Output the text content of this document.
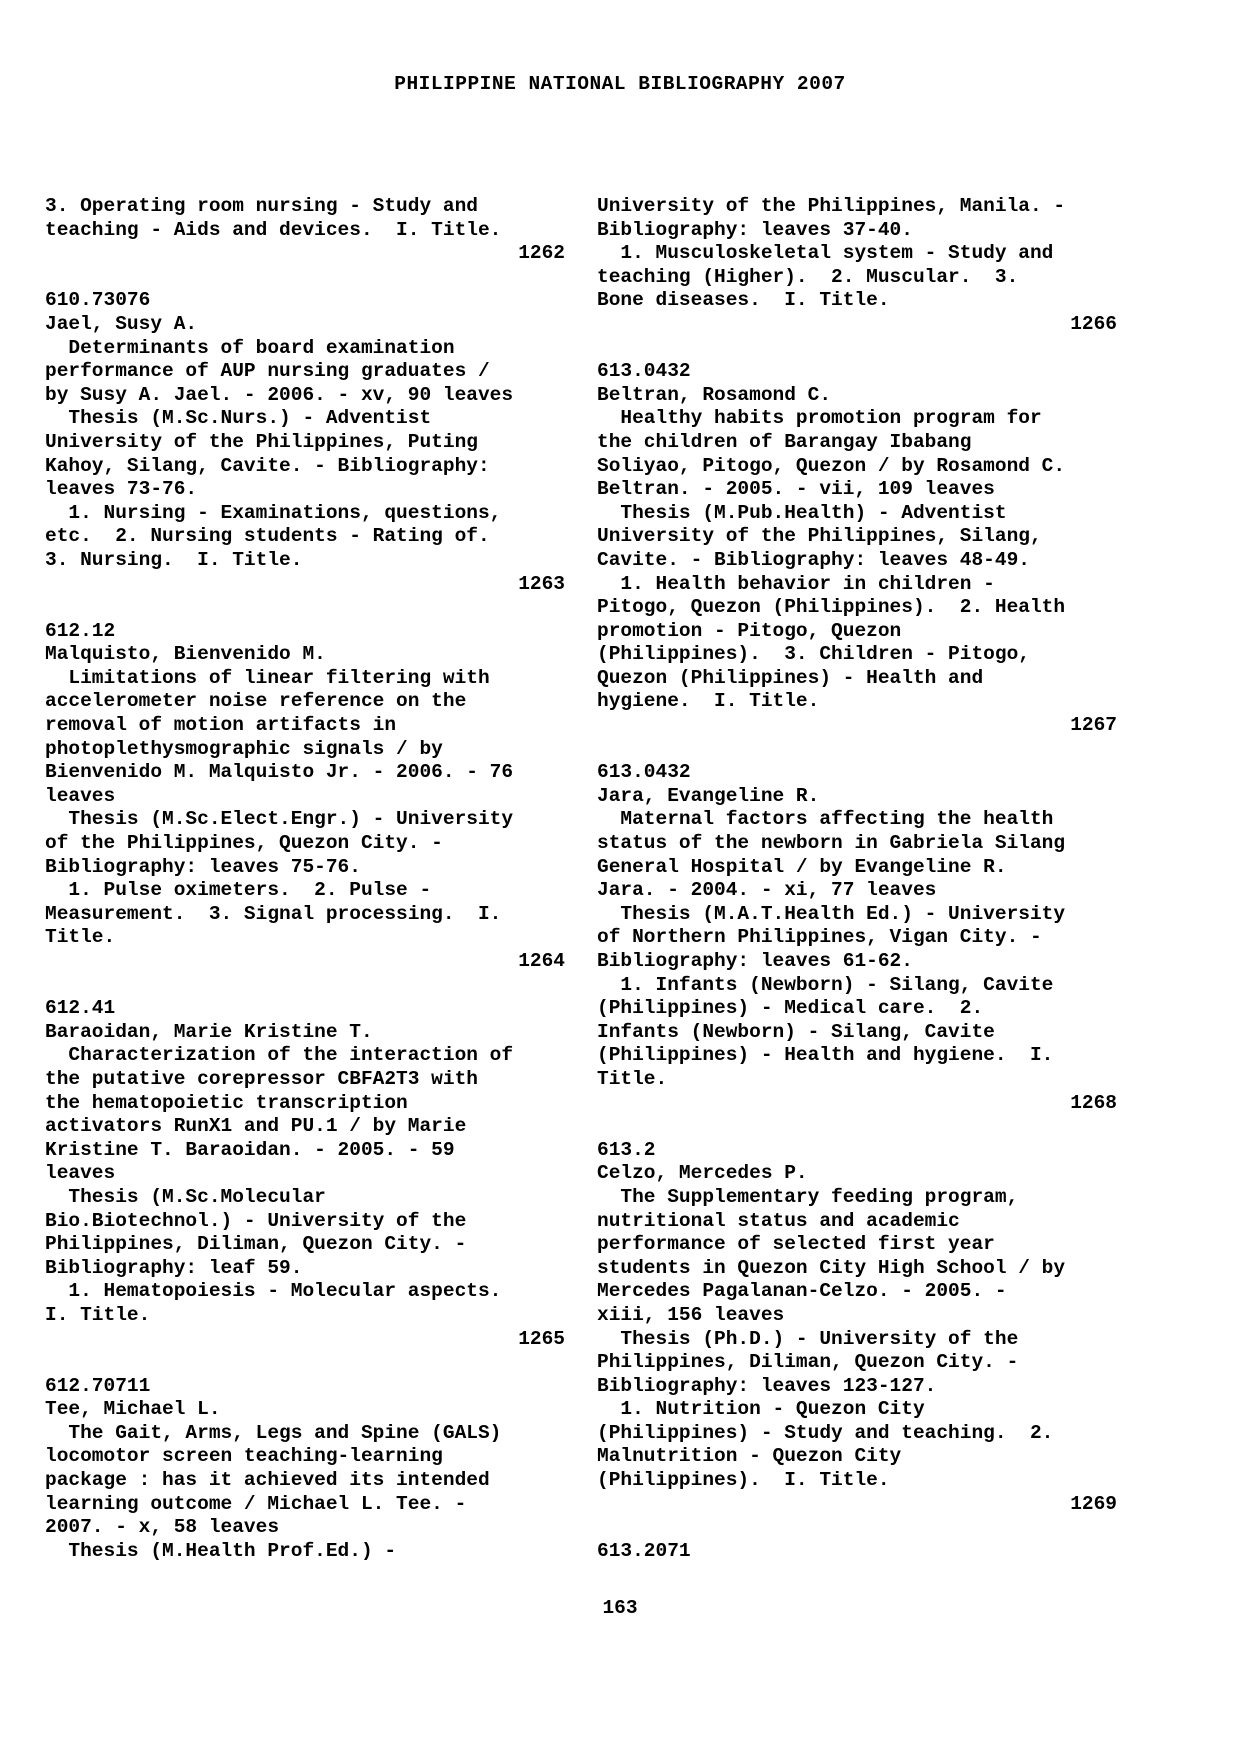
PHILIPPINE NATIONAL BIBLIOGRAPHY 2007
3. Operating room nursing - Study and
teaching - Aids and devices.  I. Title.
1262
610.73076
Jael, Susy A.
Determinants of board examination
performance of AUP nursing graduates /
by Susy A. Jael. - 2006. - xv, 90 leaves
Thesis (M.Sc.Nurs.) - Adventist
University of the Philippines, Puting
Kahoy, Silang, Cavite. - Bibliography:
leaves 73-76.
1. Nursing - Examinations, questions,
etc.  2. Nursing students - Rating of.
3. Nursing.  I. Title.
1263
612.12
Malquisto, Bienvenido M.
Limitations of linear filtering with
accelerometer noise reference on the
removal of motion artifacts in
photoplethysmographic signals / by
Bienvenido M. Malquisto Jr. - 2006. - 76
leaves
Thesis (M.Sc.Elect.Engr.) - University
of the Philippines, Quezon City. -
Bibliography: leaves 75-76.
1. Pulse oximeters.  2. Pulse -
Measurement.  3. Signal processing.  I.
Title.
1264
612.41
Baraoidan, Marie Kristine T.
Characterization of the interaction of
the putative corepressor CBFA2T3 with
the hematopoietic transcription
activators RunX1 and PU.1 / by Marie
Kristine T. Baraoidan. - 2005. - 59
leaves
Thesis (M.Sc.Molecular
Bio.Biotechnol.) - University of the
Philippines, Diliman, Quezon City. -
Bibliography: leaf 59.
1. Hematopoiesis - Molecular aspects.
I. Title.
1265
612.70711
Tee, Michael L.
The Gait, Arms, Legs and Spine (GALS)
locomotor screen teaching-learning
package : has it achieved its intended
learning outcome / Michael L. Tee. -
2007. - x, 58 leaves
Thesis (M.Health Prof.Ed.) -
University of the Philippines, Manila. -
Bibliography: leaves 37-40.
1. Musculoskeletal system - Study and
teaching (Higher).  2. Muscular.  3.
Bone diseases.  I. Title.
1266
613.0432
Beltran, Rosamond C.
Healthy habits promotion program for
the children of Barangay Ibabang
Soliyao, Pitogo, Quezon / by Rosamond C.
Beltran. - 2005. - vii, 109 leaves
Thesis (M.Pub.Health) - Adventist
University of the Philippines, Silang,
Cavite. - Bibliography: leaves 48-49.
1. Health behavior in children -
Pitogo, Quezon (Philippines).  2. Health
promotion - Pitogo, Quezon
(Philippines).  3. Children - Pitogo,
Quezon (Philippines) - Health and
hygiene.  I. Title.
1267
613.0432
Jara, Evangeline R.
Maternal factors affecting the health
status of the newborn in Gabriela Silang
General Hospital / by Evangeline R.
Jara. - 2004. - xi, 77 leaves
Thesis (M.A.T.Health Ed.) - University
of Northern Philippines, Vigan City. -
Bibliography: leaves 61-62.
1. Infants (Newborn) - Silang, Cavite
(Philippines) - Medical care.  2.
Infants (Newborn) - Silang, Cavite
(Philippines) - Health and hygiene.  I.
Title.
1268
613.2
Celzo, Mercedes P.
The Supplementary feeding program,
nutritional status and academic
performance of selected first year
students in Quezon City High School / by
Mercedes Pagalanan-Celzo. - 2005. -
xiii, 156 leaves
Thesis (Ph.D.) - University of the
Philippines, Diliman, Quezon City. -
Bibliography: leaves 123-127.
1. Nutrition - Quezon City
(Philippines) - Study and teaching.  2.
Malnutrition - Quezon City
(Philippines).  I. Title.
1269
613.2071
163
